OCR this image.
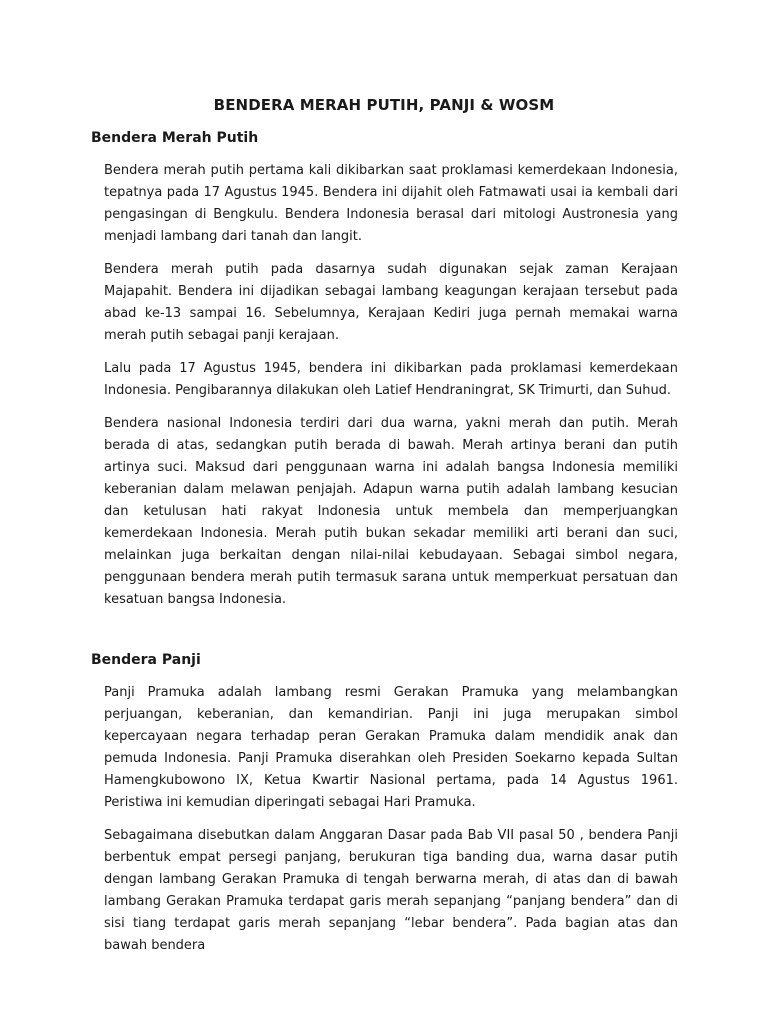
BENDERA MERAH PUTIH, PANJI & WOSM
Bendera Merah Putih

Bendera merah putih pertama kali dikibarkan saat proklamasi kemerdekaan Indonesia, tepatnya pada 17 Agustus 1945. Bendera ini dijahit oleh Fatmawati usai ia kembali dari pengasingan di Bengkulu. Bendera Indonesia berasal dari mitologi Austronesia yang menjadi lambang dari tanah dan langit.

Bendera merah putih pada dasarnya sudah digunakan sejak zaman Kerajaan Majapahit. Bendera ini dijadikan sebagai lambang keagungan kerajaan tersebut pada abad ke-13 sampai 16. Sebelumnya, Kerajaan Kediri juga pernah memakai warna merah putih sebagai panji kerajaan.

Lalu pada 17 Agustus 1945, bendera ini dikibarkan pada proklamasi kemerdekaan Indonesia. Pengibarannya dilakukan oleh Latief Hendraningrat, SK Trimurti, dan Suhud.

Bendera nasional Indonesia terdiri dari dua warna, yakni merah dan putih. Merah berada di atas, sedangkan putih berada di bawah. Merah artinya berani dan putih artinya suci. Maksud dari penggunaan warna ini adalah bangsa Indonesia memiliki keberanian dalam melawan penjajah. Adapun warna putih adalah lambang kesucian dan ketulusan hati rakyat Indonesia untuk membela dan memperjuangkan kemerdekaan Indonesia. Merah putih bukan sekadar memiliki arti berani dan suci, melainkan juga berkaitan dengan nilai-nilai kebudayaan. Sebagai simbol negara, penggunaan bendera merah putih termasuk sarana untuk memperkuat persatuan dan kesatuan bangsa Indonesia.

Bendera Panji

Panji Pramuka adalah lambang resmi Gerakan Pramuka yang melambangkan perjuangan, keberanian, dan kemandirian. Panji ini juga merupakan simbol kepercayaan negara terhadap peran Gerakan Pramuka dalam mendidik anak dan pemuda Indonesia. Panji Pramuka diserahkan oleh Presiden Soekarno kepada Sultan Hamengkubowono IX, Ketua Kwartir Nasional pertama, pada 14 Agustus 1961. Peristiwa ini kemudian diperingati sebagai Hari Pramuka.

Sebagaimana disebutkan dalam Anggaran Dasar pada Bab VII pasal 50 , bendera Panji berbentuk empat persegi panjang, berukuran tiga banding dua, warna dasar putih dengan lambang Gerakan Pramuka di tengah berwarna merah, di atas dan di bawah lambang Gerakan Pramuka terdapat garis merah sepanjang “panjang bendera” dan di sisi tiang terdapat garis merah sepanjang “lebar bendera”. Pada bagian atas dan bawah bendera
